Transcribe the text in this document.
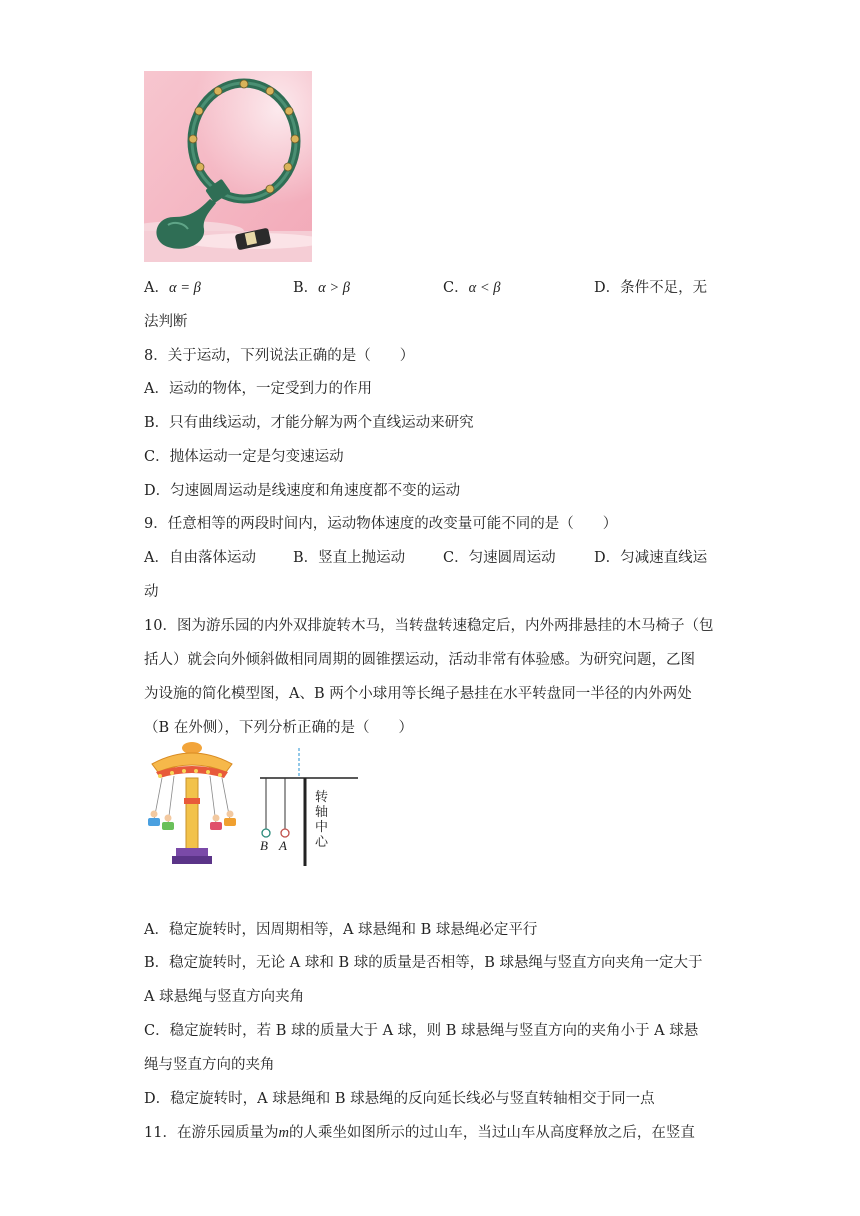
A．α = β	B．α > β	C．α < β	D．条件不足，无
法判断
8．关于运动，下列说法正确的是（　　）
A．运动的物体，一定受到力的作用
B．只有曲线运动，才能分解为两个直线运动来研究
C．抛体运动一定是匀变速运动
D．匀速圆周运动是线速度和角速度都不变的运动
9．任意相等的两段时间内，运动物体速度的改变量可能不同的是（　　）
A．自由落体运动	B．竖直上抛运动	C．匀速圆周运动	D．匀减速直线运
动
10．图为游乐园的内外双排旋转木马，当转盘转速稳定后，内外两排悬挂的木马椅子（包
括人）就会向外倾斜做相同周期的圆锥摆运动，活动非常有体验感。为研究问题，乙图
为设施的简化模型图，A、B 两个小球用等长绳子悬挂在水平转盘同一半径的内外两处
（B 在外侧），下列分析正确的是（　　）
B A
转轴中心
A．稳定旋转时，因周期相等，A 球悬绳和 B 球悬绳必定平行
B．稳定旋转时，无论 A 球和 B 球的质量是否相等，B 球悬绳与竖直方向夹角一定大于
A 球悬绳与竖直方向夹角
C．稳定旋转时，若 B 球的质量大于 A 球，则 B 球悬绳与竖直方向的夹角小于 A 球悬
绳与竖直方向的夹角
D．稳定旋转时，A 球悬绳和 B 球悬绳的反向延长线必与竖直转轴相交于同一点
11．在游乐园质量为m的人乘坐如图所示的过山车，当过山车从高度释放之后，在竖直
